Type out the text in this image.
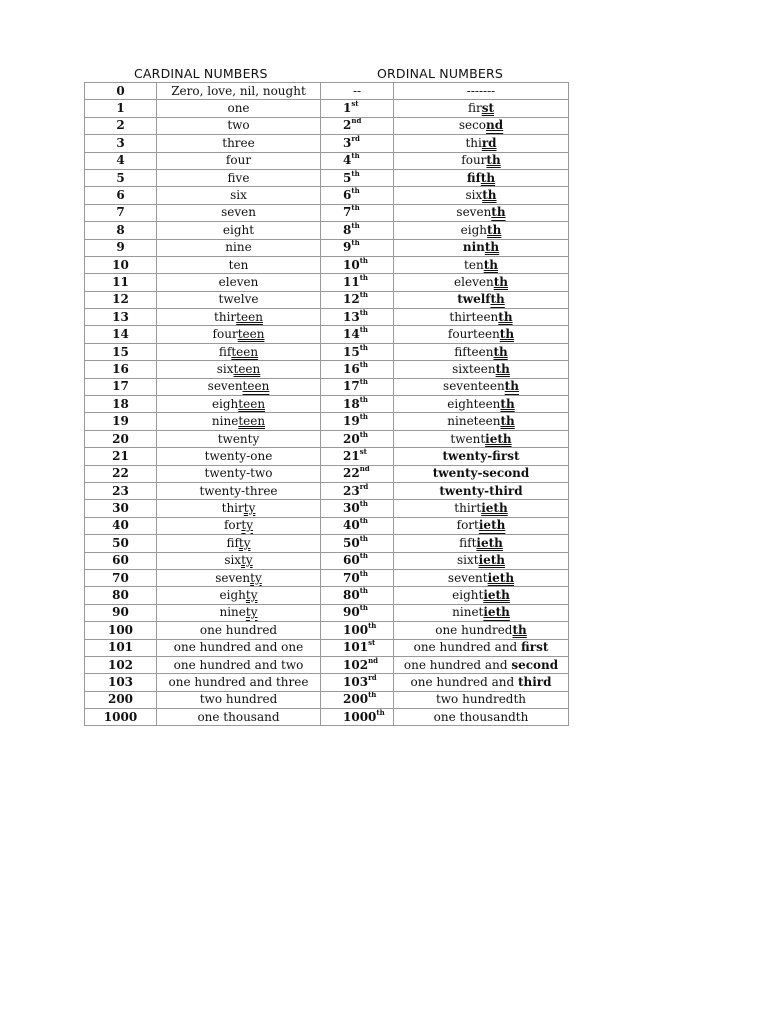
CARDINAL NUMBERS	ORDINAL NUMBERS
0	Zero, love, nil, nought	--	-------
1	one	1st	first
2	two	2nd	second
3	three	3rd	third
4	four	4th	fourth
5	five	5th	fifth
6	six	6th	sixth
7	seven	7th	seventh
8	eight	8th	eighth
9	nine	9th	ninth
10	ten	10th	tenth
11	eleven	11th	eleventh
12	twelve	12th	twelfth
13	thirteen	13th	thirteenth
14	fourteen	14th	fourteenth
15	fifteen	15th	fifteenth
16	sixteen	16th	sixteenth
17	seventeen	17th	seventeenth
18	eighteen	18th	eighteenth
19	nineteen	19th	nineteenth
20	twenty	20th	twentieth
21	twenty-one	21st	twenty-first
22	twenty-two	22nd	twenty-second
23	twenty-three	23rd	twenty-third
30	thirty	30th	thirtieth
40	forty	40th	fortieth
50	fifty	50th	fiftieth
60	sixty	60th	sixtieth
70	seventy	70th	seventieth
80	eighty	80th	eightieth
90	ninety	90th	ninetieth
100	one hundred	100th	one hundredth
101	one hundred and one	101st	one hundred and first
102	one hundred and two	102nd	one hundred and second
103	one hundred and three	103rd	one hundred and third
200	two hundred	200th	two hundredth
1000	one thousand	1000th	one thousandth
